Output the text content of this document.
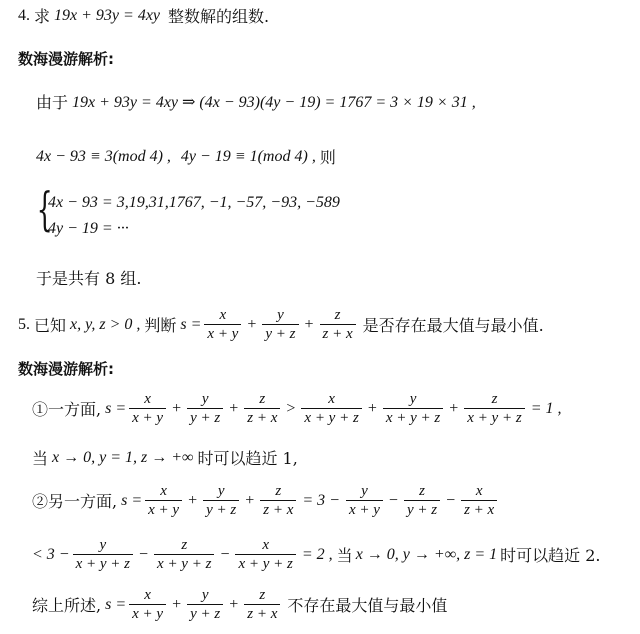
4. 求 19x + 93y = 4xy 整数解的组数.
数海漫游解析:
由于 19x + 93y = 4xy ⇒ (4x − 93)(4y − 19) = 1767 = 3 × 19 × 31 ,
4x − 93 ≡ 3(mod 4) , 4y − 19 ≡ 1(mod 4) , 则
{
4x − 93 = 3,19,31,1767, −1, −57, −93, −589
4y − 19 = ···
于是共有 8 组.
5. 已知 x, y, z > 0 , 判断 $s = \frac{x}{x + y} + \frac{y}{y + z} + \frac{z}{z + x}$ 是否存在最大值与最小值.
数海漫游解析:
①一方面, $s = \frac{x}{x + y} + \frac{y}{y + z} + \frac{z}{z + x} > \frac{x}{x + y + z} + \frac{y}{x + y + z} + \frac{z}{x + y + z} = 1$ ,
当 x → 0, y = 1, z → +∞ 时可以趋近 1,
②另一方面, $s = \frac{x}{x + y} + \frac{y}{y + z} + \frac{z}{z + x} = 3 - \frac{y}{x + y} - \frac{z}{y + z} - \frac{x}{z + x}$
< $3 - \frac{y}{x + y + z} - \frac{z}{x + y + z} - \frac{x}{x + y + z} = 2$ , 当 x → 0, y → +∞, z = 1 时可以趋近 2.
综上所述, $s = \frac{x}{x + y} + \frac{y}{y + z} + \frac{z}{z + x}$ 不存在最大值与最小值
